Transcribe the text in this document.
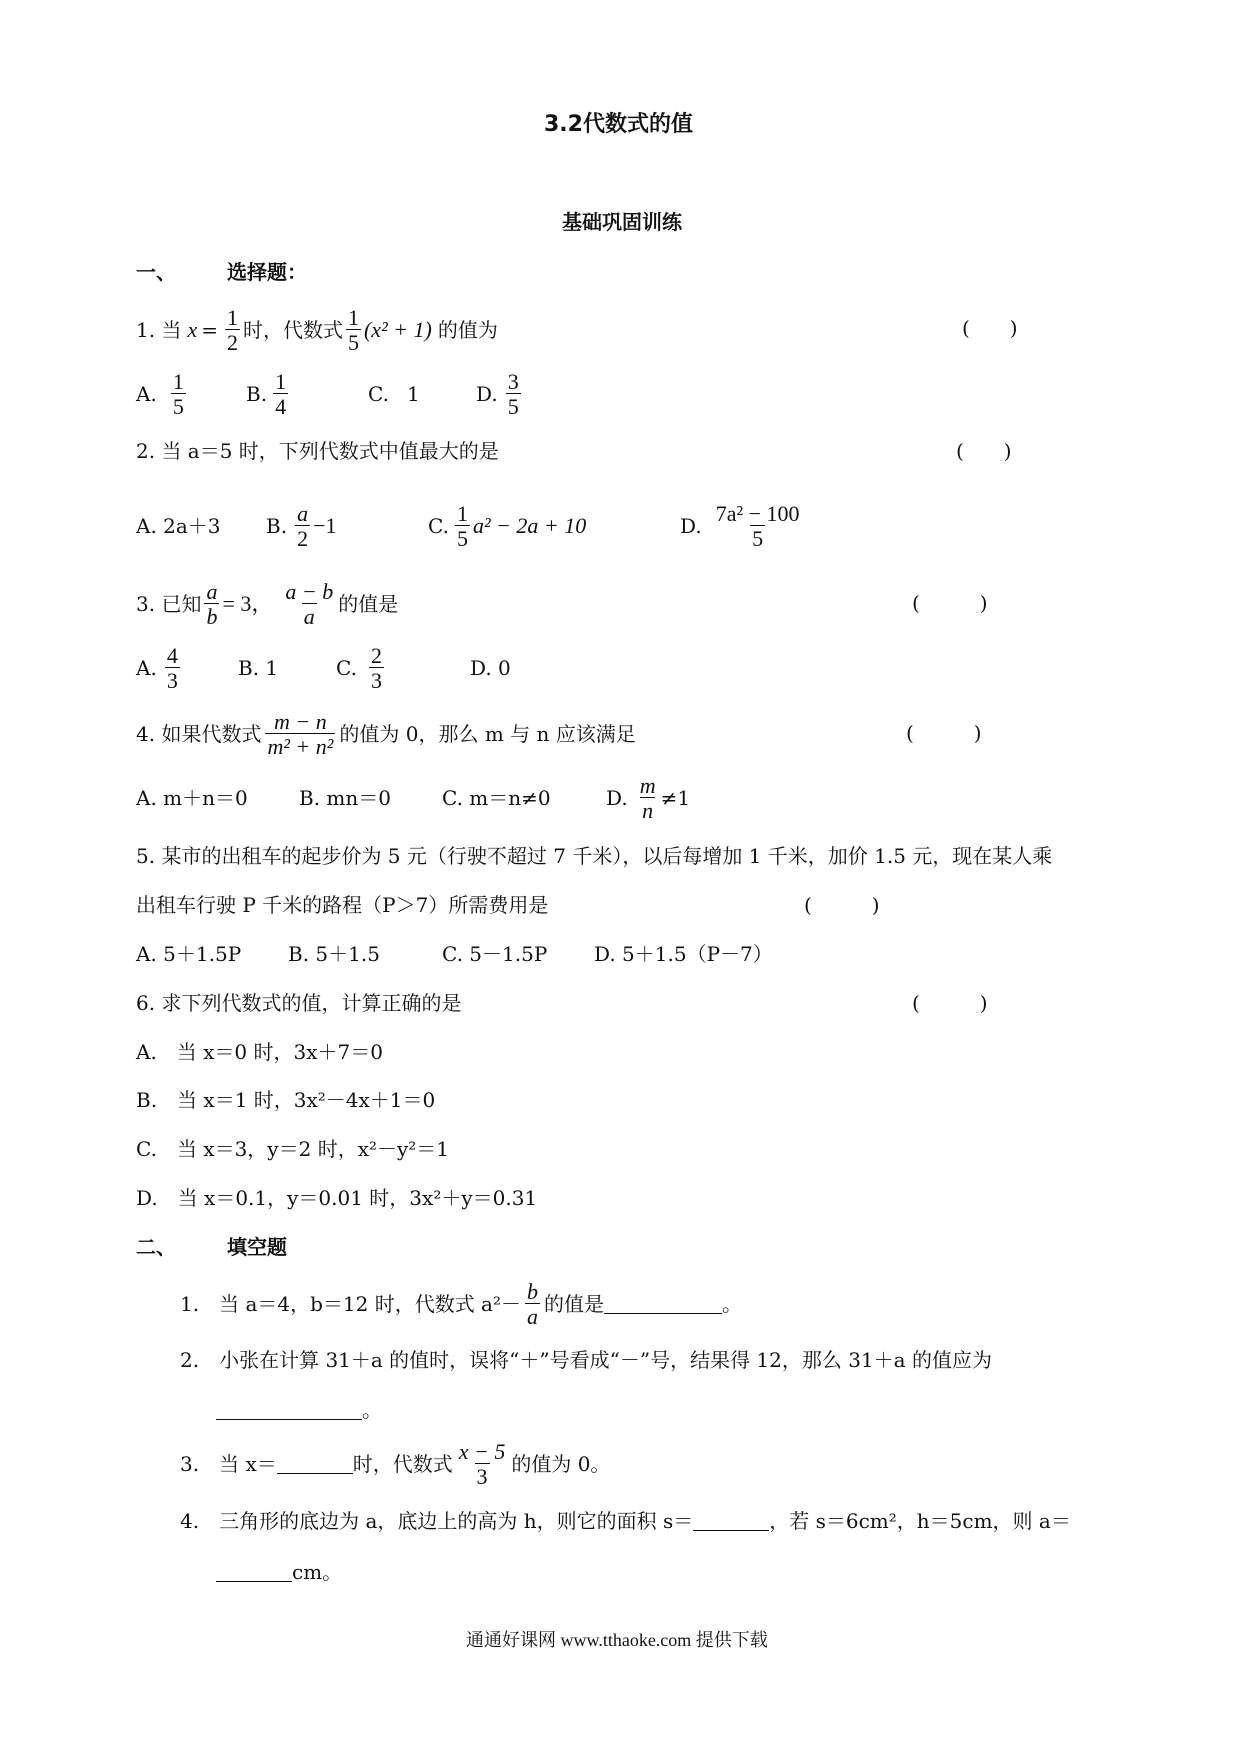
3.2代数式的值
基础巩固训练
一、	选择题：
1. 当 $x = \frac{1}{2}$ 时，代数式 $\frac{1}{5} (x^2 + 1)$ 的值为	(　　)
A. $\frac{1}{5}$	B. $\frac{1}{4}$	C. 1	D. $\frac{3}{5}$
2. 当 a＝5 时，下列代数式中值最大的是	(　　)
A. 2a＋3	B. $\frac{a}{2} -1$	C. $\frac{1}{5} a^2 - 2a + 10$	D. $\frac{\text{7a² − 100}}{5}$
3. 已知 $\frac{a}{b} = 3$， $\frac{a - b}{a}$ 的值是	(　　　)
A. $\frac{4}{3}$	B. 1	C. $\frac{2}{3}$	D. 0
4. 如果代数式 $\frac{m - n}{\text{m² + n²}}$ 的值为 0，那么 m 与 n 应该满足	(　　　)
A. m＋n＝0	B. mn＝0	C. m＝n≠0	D. $\frac{m}{n} \ne 1$
5. 某市的出租车的起步价为 5 元（行驶不超过 7 千米），以后每增加 1 千米，加价 1.5 元，现在某人乘
出租车行驶 P 千米的路程（P＞7）所需费用是	(　　　)
A. 5＋1.5P	B. 5＋1.5	C. 5－1.5P	D. 5＋1.5（P－7）
6. 求下列代数式的值，计算正确的是	(　　　)
A.　当 x＝0 时，3x＋7＝0
B.　当 x＝1 时，3x²－4x＋1＝0
C.　当 x＝3，y＝2 时，x²－y²＝1
D.　当 x＝0.1，y＝0.01 时，3x²＋y＝0.31
二、	填空题
1.　当 a＝4，b＝12 时，代数式 $a^2- \frac{b}{a}$ 的值是	。
2.　小张在计算 31＋a 的值时，误将“＋”号看成“－”号，结果得 12，那么 31＋a 的值应为
。
3.　当 x＝	时，代数式 $\frac{x - 5}{3}$ 的值为 0。
4.　三角形的底边为 a，底边上的高为 h，则它的面积 s＝	，若 s＝6cm²，h＝5cm，则 a＝
cm。
通通好课网 www.tthaoke.com 提供下载
